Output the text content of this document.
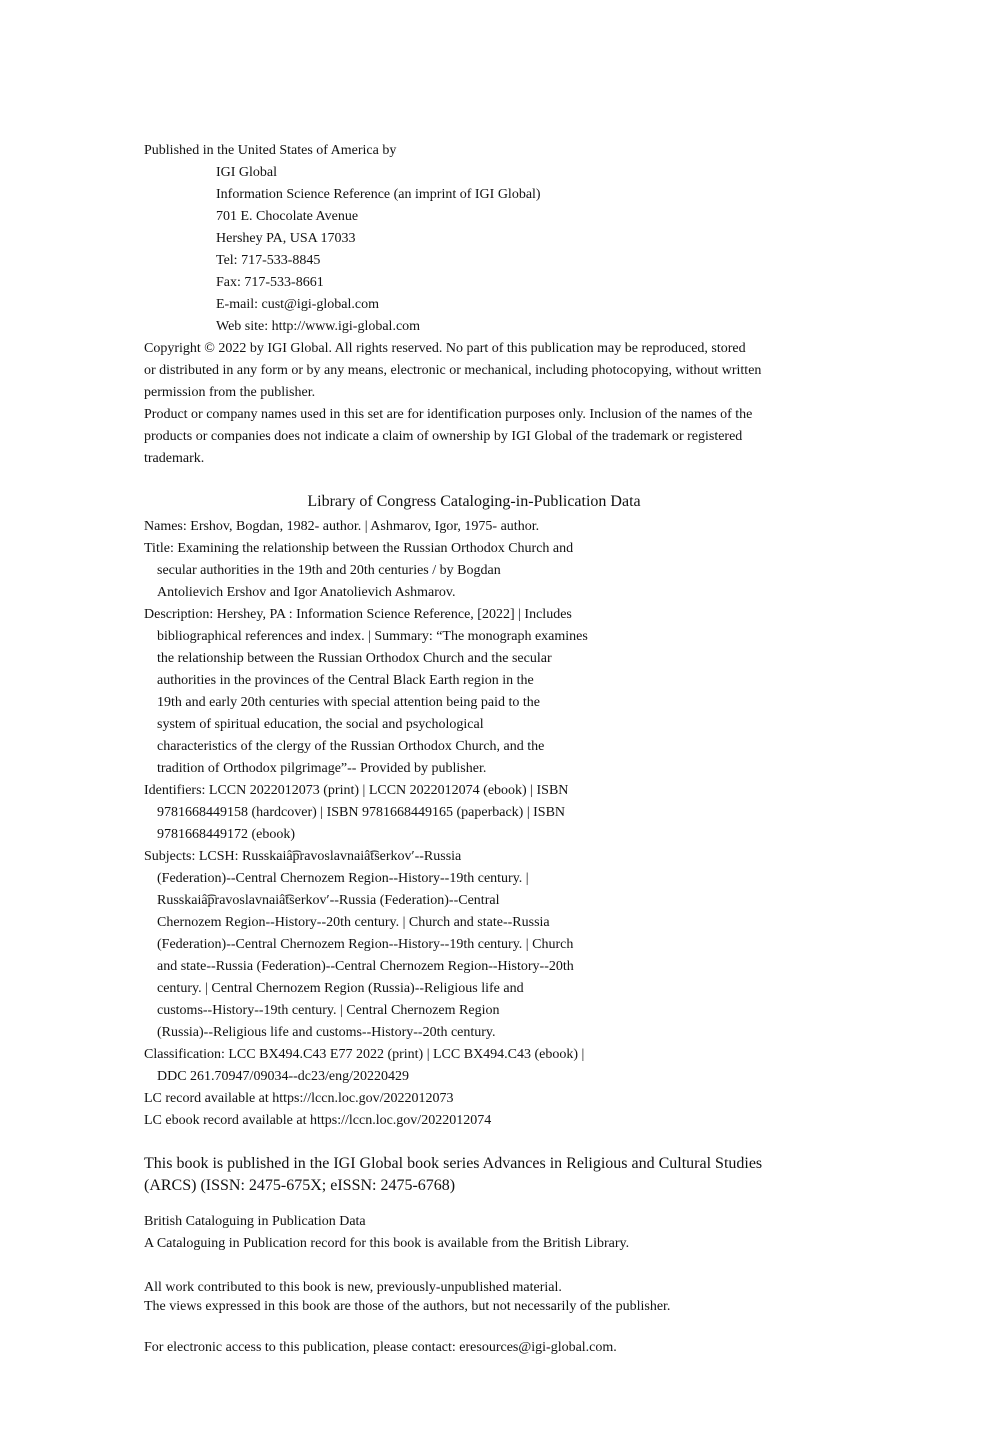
Published in the United States of America by

IGI Global

Information Science Reference (an imprint of IGI Global)

701 E. Chocolate Avenue

Hershey PA, USA 17033

Tel: 717-533-8845

Fax: 717-533-8661

E-mail: cust@igi-global.com

Web site: http://www.igi-global.com

Copyright © 2022 by IGI Global. All rights reserved. No part of this publication may be reproduced, stored

or distributed in any form or by any means, electronic or mechanical, including photocopying, without written

permission from the publisher.

Product or company names used in this set are for identification purposes only. Inclusion of the names of the

products or companies does not indicate a claim of ownership by IGI Global of the trademark or registered

trademark.

Library of Congress Cataloging-in-Publication Data

Names: Ershov, Bogdan, 1982- author. | Ashmarov, Igor, 1975- author.

Title: Examining the relationship between the Russian Orthodox Church and

secular authorities in the 19th and 20th centuries / by Bogdan

Antolievich Ershov and Igor Anatolievich Ashmarov.

Description: Hershey, PA : Information Science Reference, [2022] | Includes

bibliographical references and index. | Summary: “The monograph examines

the relationship between the Russian Orthodox Church and the secular

authorities in the provinces of the Central Black Earth region in the

19th and early 20th centuries with special attention being paid to the

system of spiritual education, the social and psychological

characteristics of the clergy of the Russian Orthodox Church, and the

tradition of Orthodox pilgrimage”-- Provided by publisher.

Identifiers: LCCN 2022012073 (print) | LCCN 2022012074 (ebook) | ISBN

9781668449158 (hardcover) | ISBN 9781668449165 (paperback) | ISBN

9781668449172 (ebook)

Subjects: LCSH: Russkaiâ͡pravoslavnaiâ͡tserkov′--Russia

(Federation)--Central Chernozem Region--History--19th century. |

Russkaiâ͡pravoslavnaiâ͡tserkov′--Russia (Federation)--Central

Chernozem Region--History--20th century. | Church and state--Russia

(Federation)--Central Chernozem Region--History--19th century. | Church

and state--Russia (Federation)--Central Chernozem Region--History--20th

century. | Central Chernozem Region (Russia)--Religious life and

customs--History--19th century. | Central Chernozem Region

(Russia)--Religious life and customs--History--20th century.

Classification: LCC BX494.C43 E77 2022 (print) | LCC BX494.C43 (ebook) |

DDC 261.70947/09034--dc23/eng/20220429

LC record available at https://lccn.loc.gov/2022012073

LC ebook record available at https://lccn.loc.gov/2022012074

This book is published in the IGI Global book series Advances in Religious and Cultural Studies

(ARCS) (ISSN: 2475-675X; eISSN: 2475-6768)

British Cataloguing in Publication Data

A Cataloguing in Publication record for this book is available from the British Library.

All work contributed to this book is new, previously-unpublished material.

The views expressed in this book are those of the authors, but not necessarily of the publisher.

For electronic access to this publication, please contact: eresources@igi-global.com.
